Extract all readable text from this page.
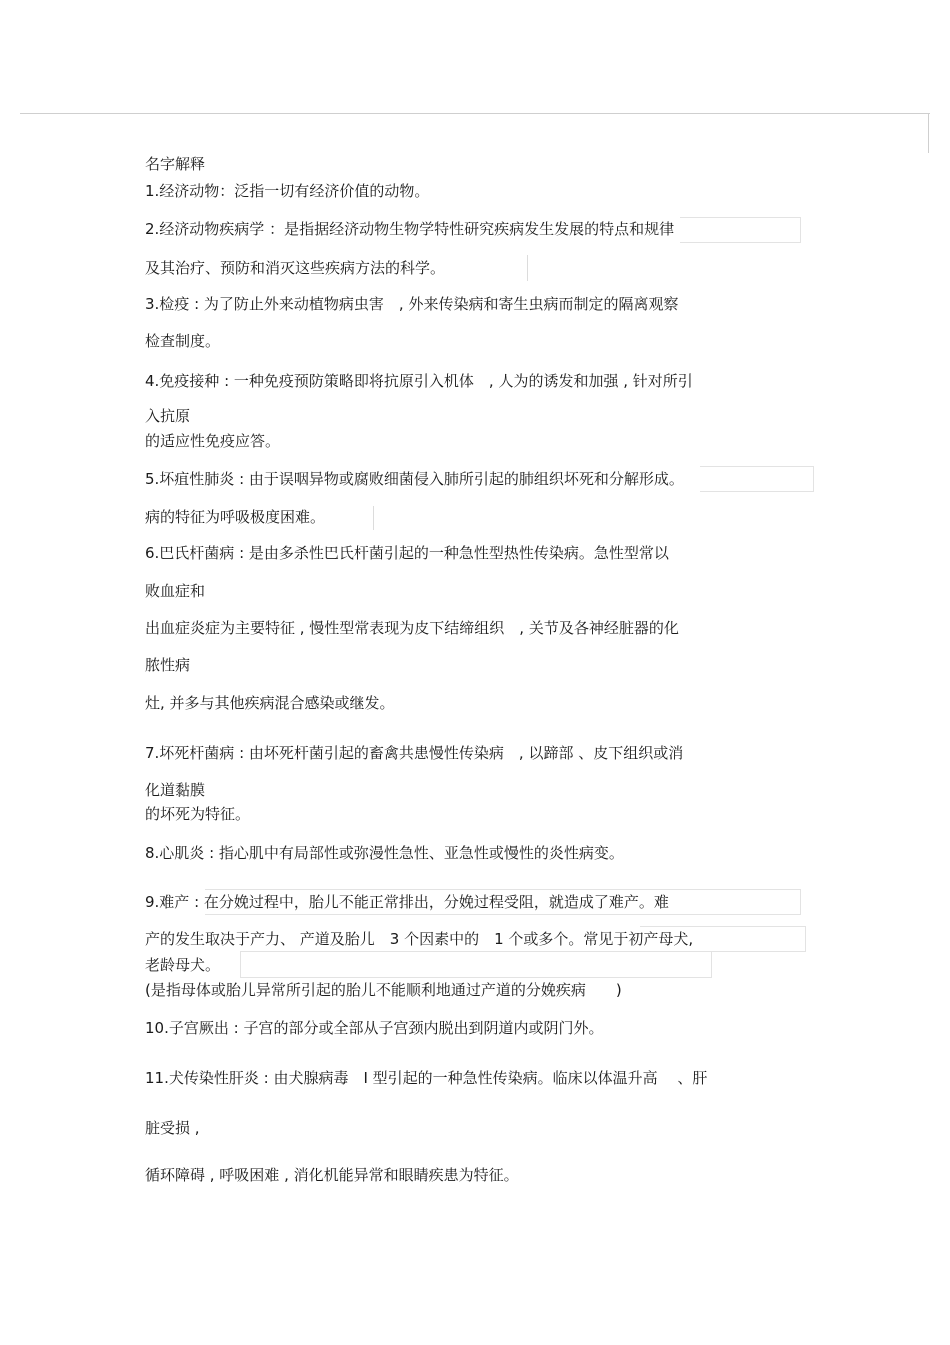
名字解释
1.经济动物：泛指一切有经济价值的动物。
2.经济动物疾病学 ：是指据经济动物生物学特性研究疾病发生发展的特点和规律
及其治疗、预防和消灭这些疾病方法的科学。
3.检疫 : 为了防止外来动植物病虫害　, 外来传染病和寄生虫病而制定的隔离观察
检查制度。
4.免疫接种 : 一种免疫预防策略即将抗原引入机体　, 人为的诱发和加强 , 针对所引
入抗原
的适应性免疫应答。
5.坏疽性肺炎 : 由于误咽异物或腐败细菌侵入肺所引起的肺组织坏死和分解形成。
病的特征为呼吸极度困难。
6.巴氏杆菌病 : 是由多杀性巴氏杆菌引起的一种急性型热性传染病。急性型常以
败血症和
出血症炎症为主要特征 , 慢性型常表现为皮下结缔组织　, 关节及各神经脏器的化
脓性病
灶, 并多与其他疾病混合感染或继发。
7.坏死杆菌病 : 由坏死杆菌引起的畜禽共患慢性传染病　, 以蹄部 、皮下组织或消
化道黏膜
的坏死为特征。
8.心肌炎 : 指心肌中有局部性或弥漫性急性、亚急性或慢性的炎性病变。
9.难产 : 在分娩过程中，胎儿不能正常排出，分娩过程受阻，就造成了难产。难
产的发生取决于产力、 产道及胎儿　3 个因素中的　1 个或多个。常见于初产母犬,
老龄母犬。
(是指母体或胎儿异常所引起的胎儿不能顺利地通过产道的分娩疾病　　)
10.子宫厥出 : 子宫的部分或全部从子宫颈内脱出到阴道内或阴门外。
11.犬传染性肝炎 : 由犬腺病毒　I 型引起的一种急性传染病。临床以体温升高　 、肝
脏受损 ,
循环障碍 , 呼吸困难 , 消化机能异常和眼睛疾患为特征。
